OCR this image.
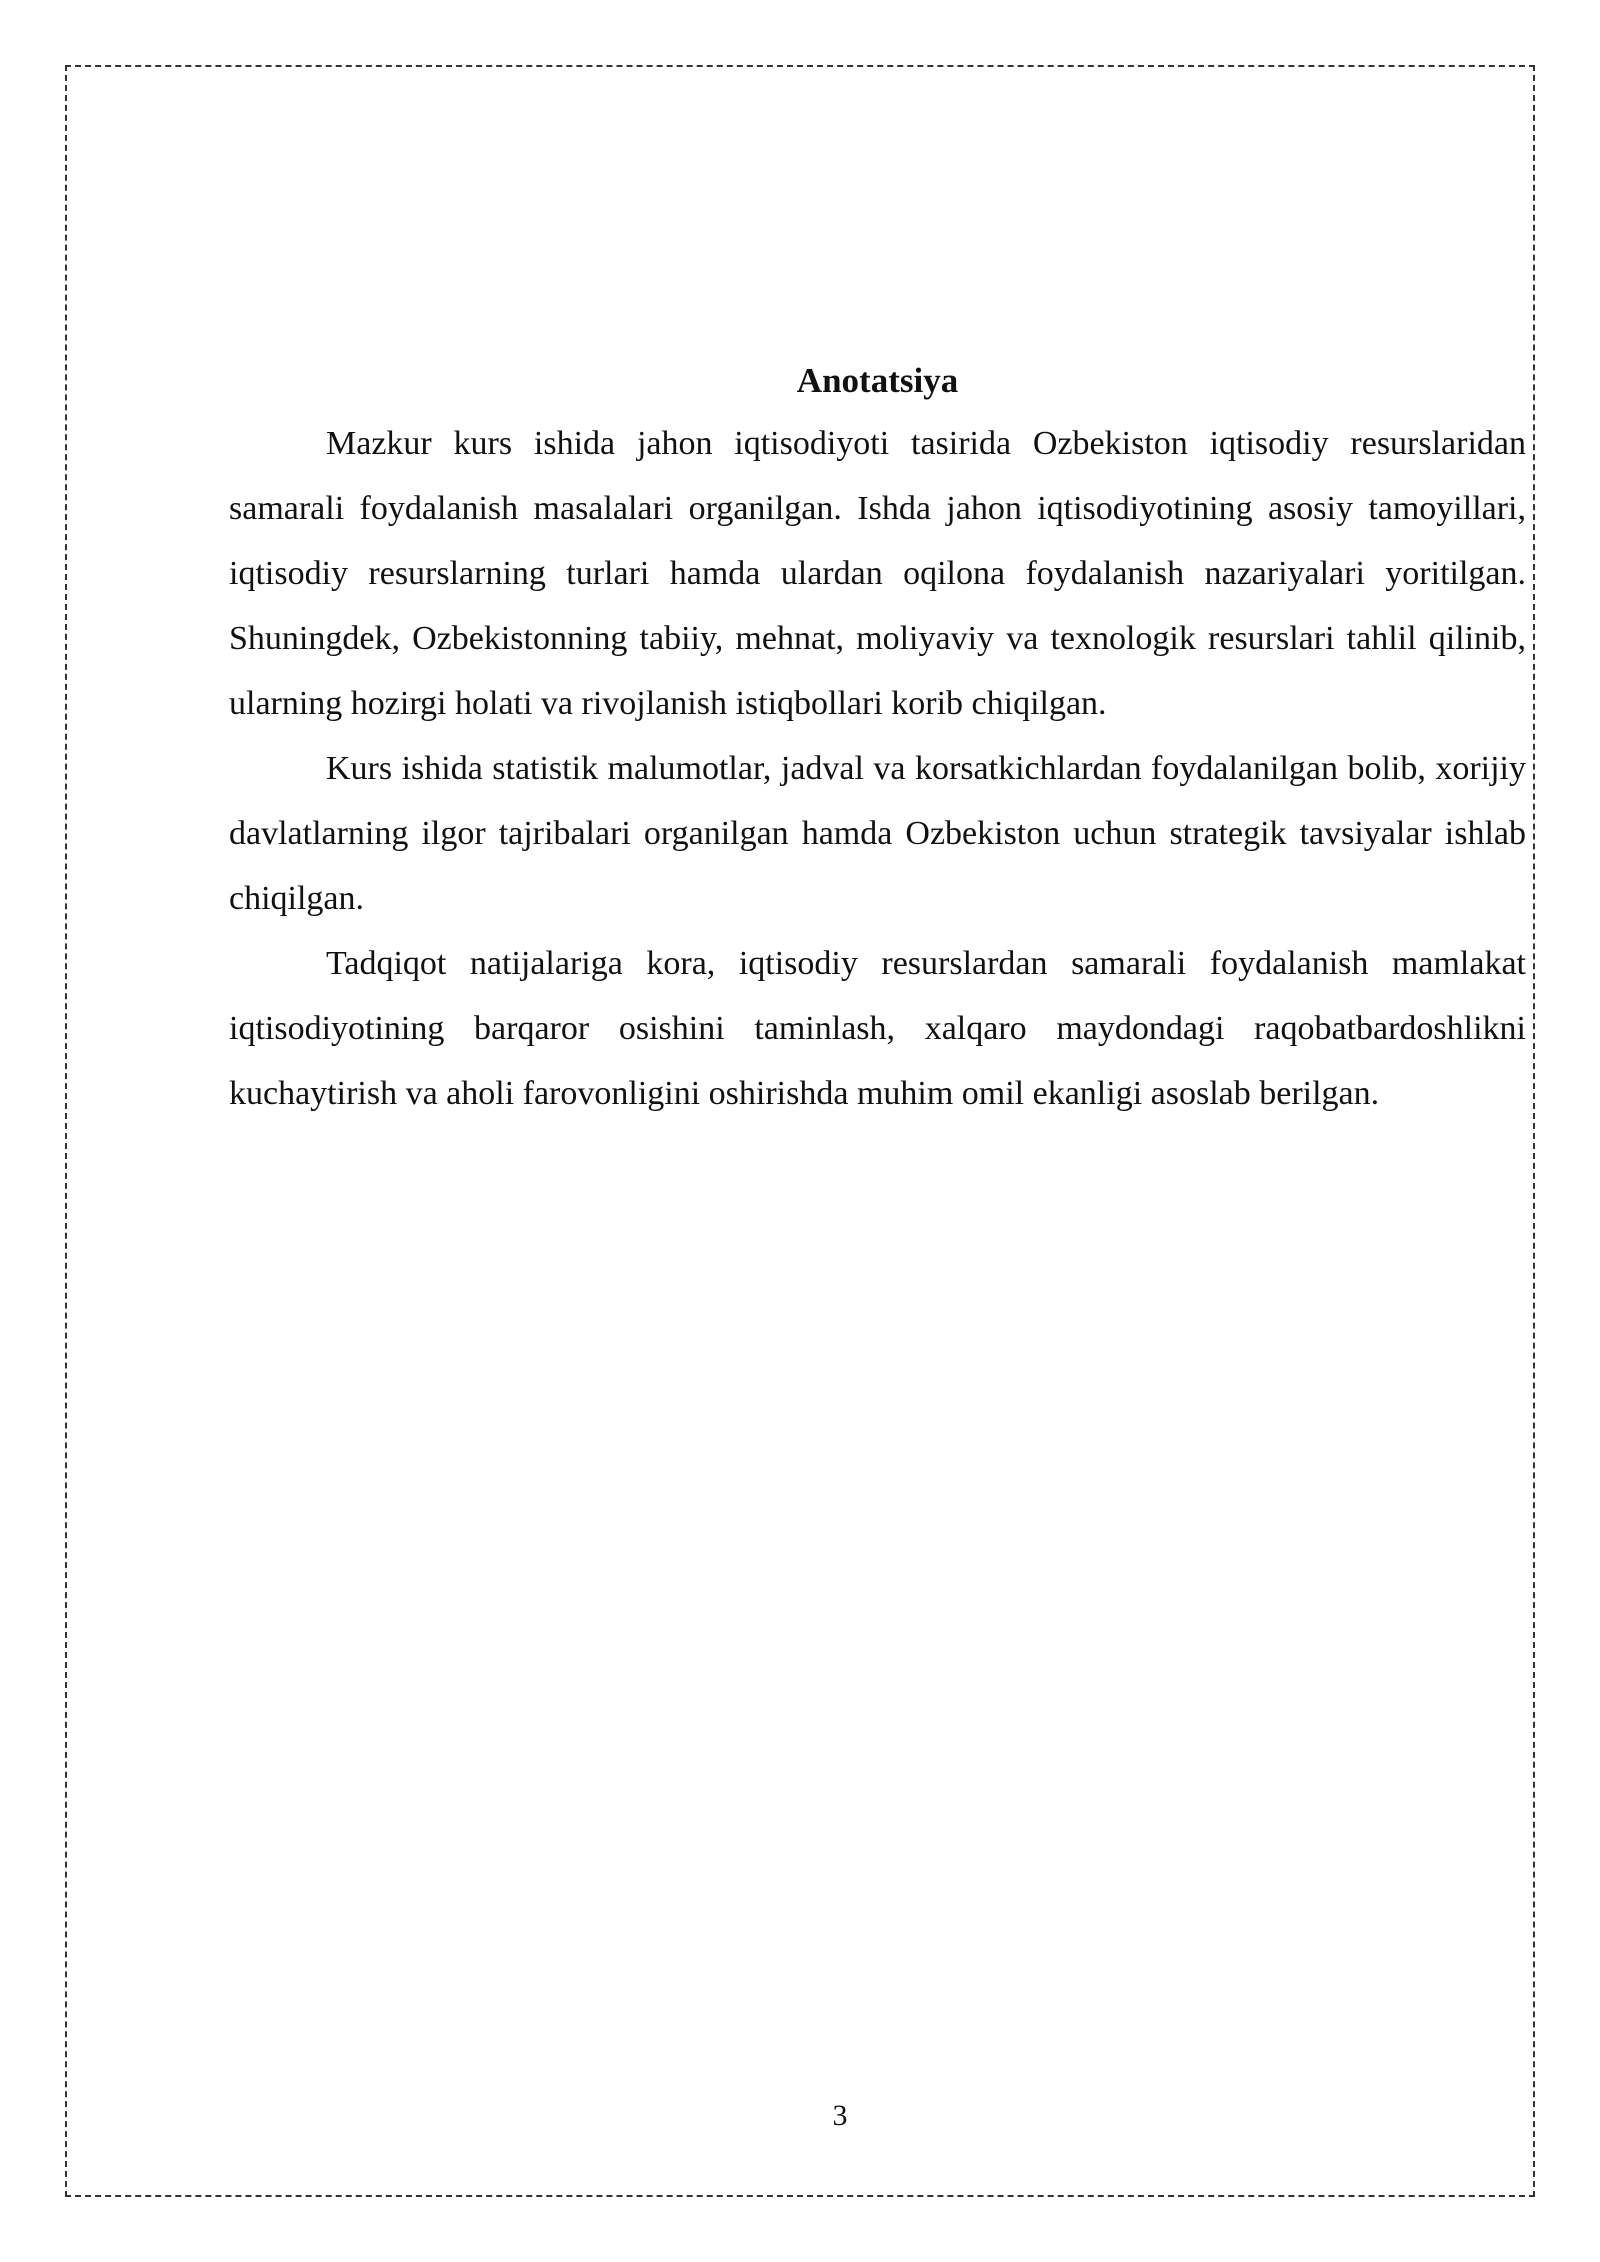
Anotatsiya

Mazkur kurs ishida jahon iqtisodiyoti tasirida Ozbekiston iqtisodiy resurslaridan samarali foydalanish masalalari organilgan. Ishda jahon iqtisodiyotining asosiy tamoyillari, iqtisodiy resurslarning turlari hamda ulardan oqilona foydalanish nazariyalari yoritilgan. Shuningdek, Ozbekistonning tabiiy, mehnat, moliyaviy va texnologik resurslari tahlil qilinib, ularning hozirgi holati va rivojlanish istiqbollari korib chiqilgan.

Kurs ishida statistik malumotlar, jadval va korsatkichlardan foydalanilgan bolib, xorijiy davlatlarning ilgor tajribalari organilgan hamda Ozbekiston uchun strategik tavsiyalar ishlab chiqilgan.

Tadqiqot natijalariga kora, iqtisodiy resurslardan samarali foydalanish mamlakat iqtisodiyotining barqaror osishini taminlash, xalqaro maydondagi raqobatbardoshlikni kuchaytirish va aholi farovonligini oshirishda muhim omil ekanligi asoslab berilgan.

3
